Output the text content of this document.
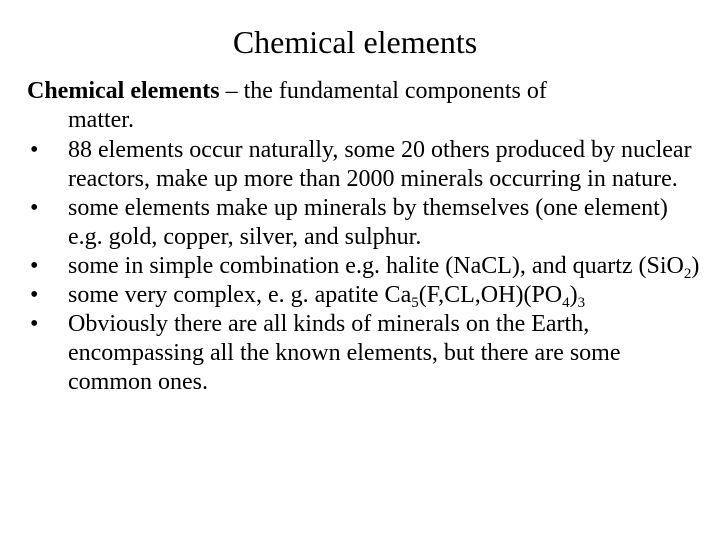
Chemical elements
Chemical elements – the fundamental components of
matter.
• 88 elements occur naturally, some 20 others produced by nuclear reactors, make up more than 2000 minerals occurring in nature.
• some elements make up minerals by themselves (one element) e.g. gold, copper, silver, and sulphur.
• some in simple combination e.g. halite (NaCL), and quartz (SiO$_2$)
• some very complex, e. g. apatite $Ca_5(F,CL,OH)(PO_4)_3$
• Obviously there are all kinds of minerals on the Earth, encompassing all the known elements, but there are some common ones.
